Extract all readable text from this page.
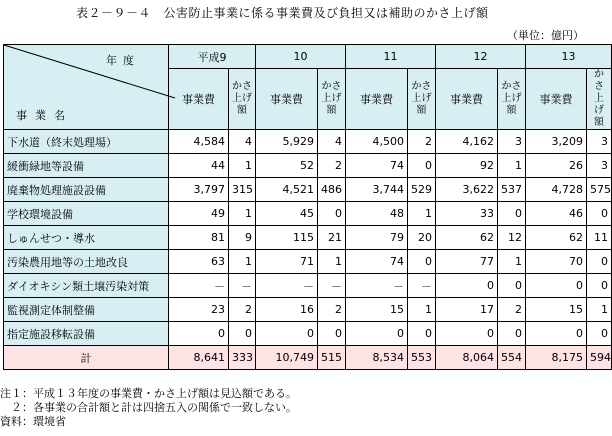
表２－９－４　公害防止事業に係る事業費及び負担又は補助のかさ上げ額
（単位：億円）
年度
事業名	平成9		10		11		12		13	
	事業費	かさ上げ額	事業費	かさ上げ額	事業費	かさ上げ額	事業費	かさ上げ額	事業費	かさ上げ額
下水道（終末処理場）	4,584	4	5,929	4	4,500	2	4,162	3	3,209	3
緩衝緑地等設備	44	1	52	2	74	0	92	1	26	3
廃棄物処理施設設備	3,797	315	4,521	486	3,744	529	3,622	537	4,728	575
学校環境設備	49	1	45	0	48	1	33	0	46	0
しゅんせつ・導水	81	9	115	21	79	20	62	12	62	11
汚染農用地等の土地改良	63	1	71	1	74	0	77	1	70	0
ダイオキシン類土壌汚染対策	－	－	－	－	－	－	0	0	0	0
監視測定体制整備	23	2	16	2	15	1	17	2	15	1
指定施設移転設備	0	0	0	0	0	0	0	0	0	0
計	8,641	333	10,749	515	8,534	553	8,064	554	8,175	594
注１：平成１３年度の事業費・かさ上げ額は見込額である。
　２：各事業の合計額と計は四捨五入の関係で一致しない。
資料：環境省
